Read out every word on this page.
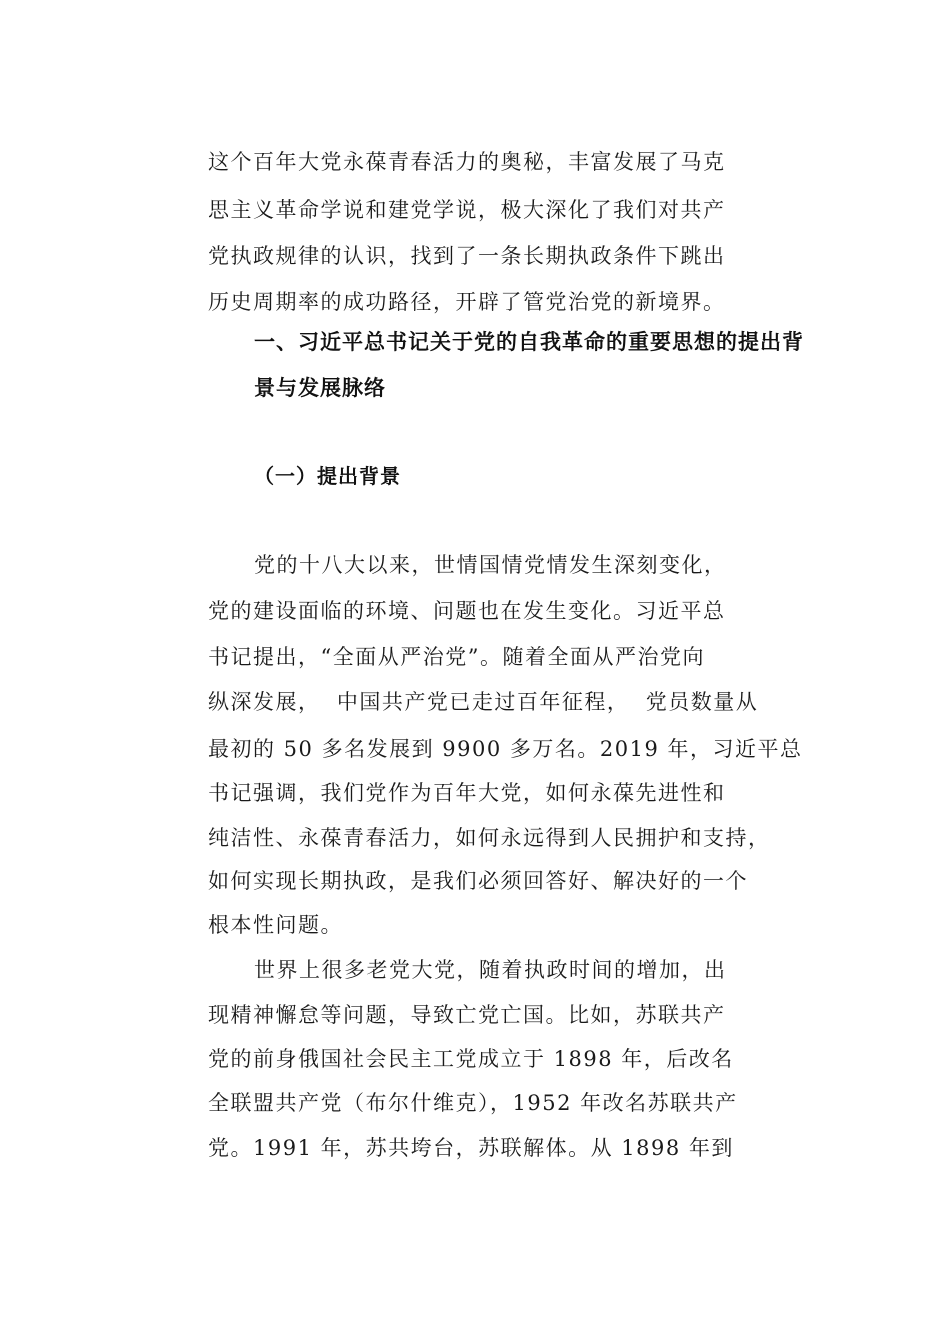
这个百年大党永葆青春活力的奥秘，丰富发展了马克
思主义革命学说和建党学说，极大深化了我们对共产
党执政规律的认识，找到了一条长期执政条件下跳出
历史周期率的成功路径，开辟了管党治党的新境界。
一、习近平总书记关于党的自我革命的重要思想的提出背
景与发展脉络
（一）提出背景
党的十八大以来，世情国情党情发生深刻变化，
党的建设面临的环境、问题也在发生变化。习近平总
书记提出，“全面从严治党”。随着全面从严治党向
纵深发展，  中国共产党已走过百年征程，  党员数量从
最初的 50 多名发展到 9900 多万名。2019 年，习近平总
书记强调，我们党作为百年大党，如何永葆先进性和
纯洁性、永葆青春活力，如何永远得到人民拥护和支持，
如何实现长期执政，是我们必须回答好、解决好的一个
根本性问题。
世界上很多老党大党，随着执政时间的增加，出
现精神懈怠等问题，导致亡党亡国。比如，苏联共产
党的前身俄国社会民主工党成立于 1898 年，后改名
全联盟共产党（布尔什维克），1952 年改名苏联共产
党。1991 年，苏共垮台，苏联解体。从 1898 年到
